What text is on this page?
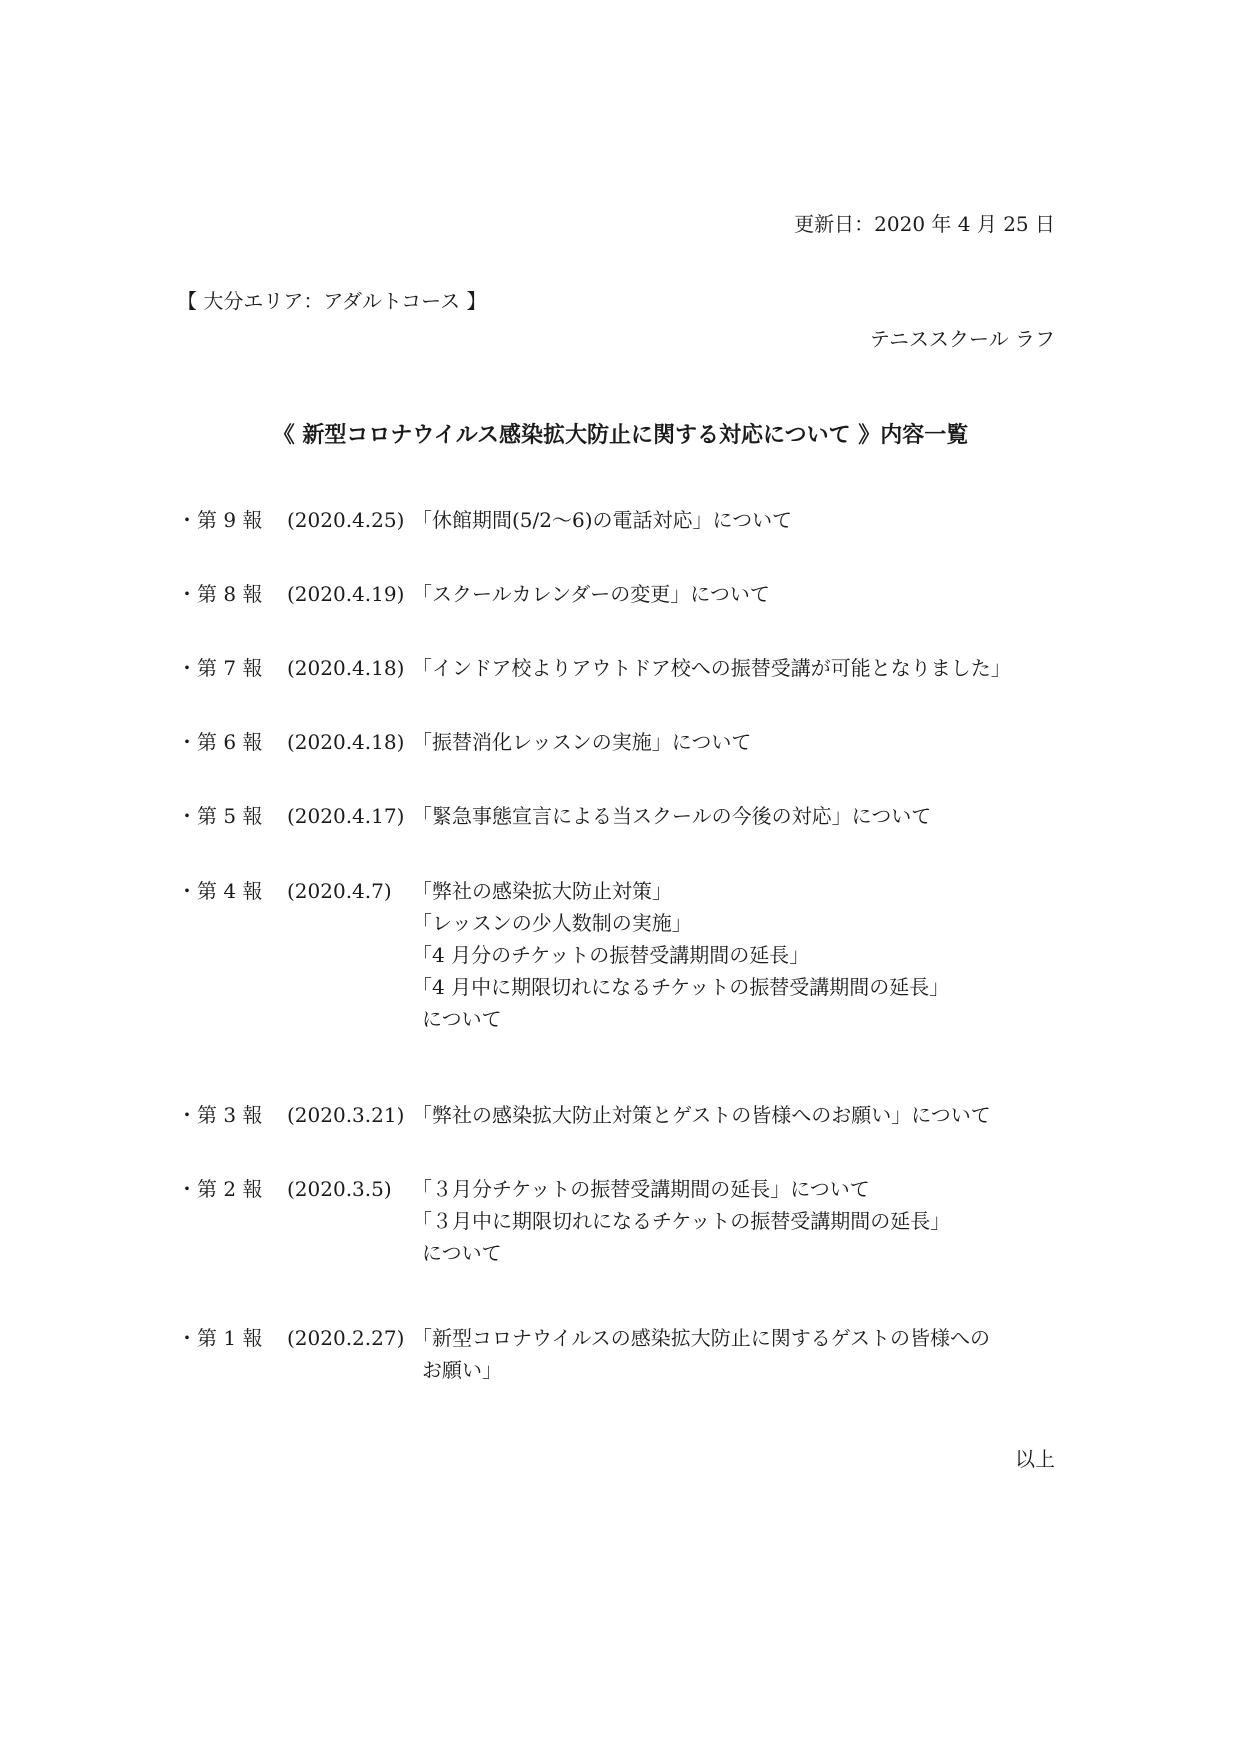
更新日：2020 年 4 月 25 日
【 大分エリア：アダルトコース 】
テニススクール ラフ
《 新型コロナウイルス感染拡大防止に関する対応について 》内容一覧
・第 9 報 (2020.4.25) 「休館期間(5/2～6)の電話対応」について
・第 8 報 (2020.4.19) 「スクールカレンダーの変更」について
・第 7 報 (2020.4.18) 「インドア校よりアウトドア校への振替受講が可能となりました」
・第 6 報 (2020.4.18) 「振替消化レッスンの実施」について
・第 5 報 (2020.4.17) 「緊急事態宣言による当スクールの今後の対応」について
・第 4 報 (2020.4.7) 「弊社の感染拡大防止対策」
「レッスンの少人数制の実施」
「4 月分のチケットの振替受講期間の延長」
「4 月中に期限切れになるチケットの振替受講期間の延長」
について
・第 3 報 (2020.3.21) 「弊社の感染拡大防止対策とゲストの皆様へのお願い」について
・第 2 報 (2020.3.5) 「３月分チケットの振替受講期間の延長」について
「３月中に期限切れになるチケットの振替受講期間の延長」
について
・第 1 報 (2020.2.27) 「新型コロナウイルスの感染拡大防止に関するゲストの皆様への
お願い」
以上
